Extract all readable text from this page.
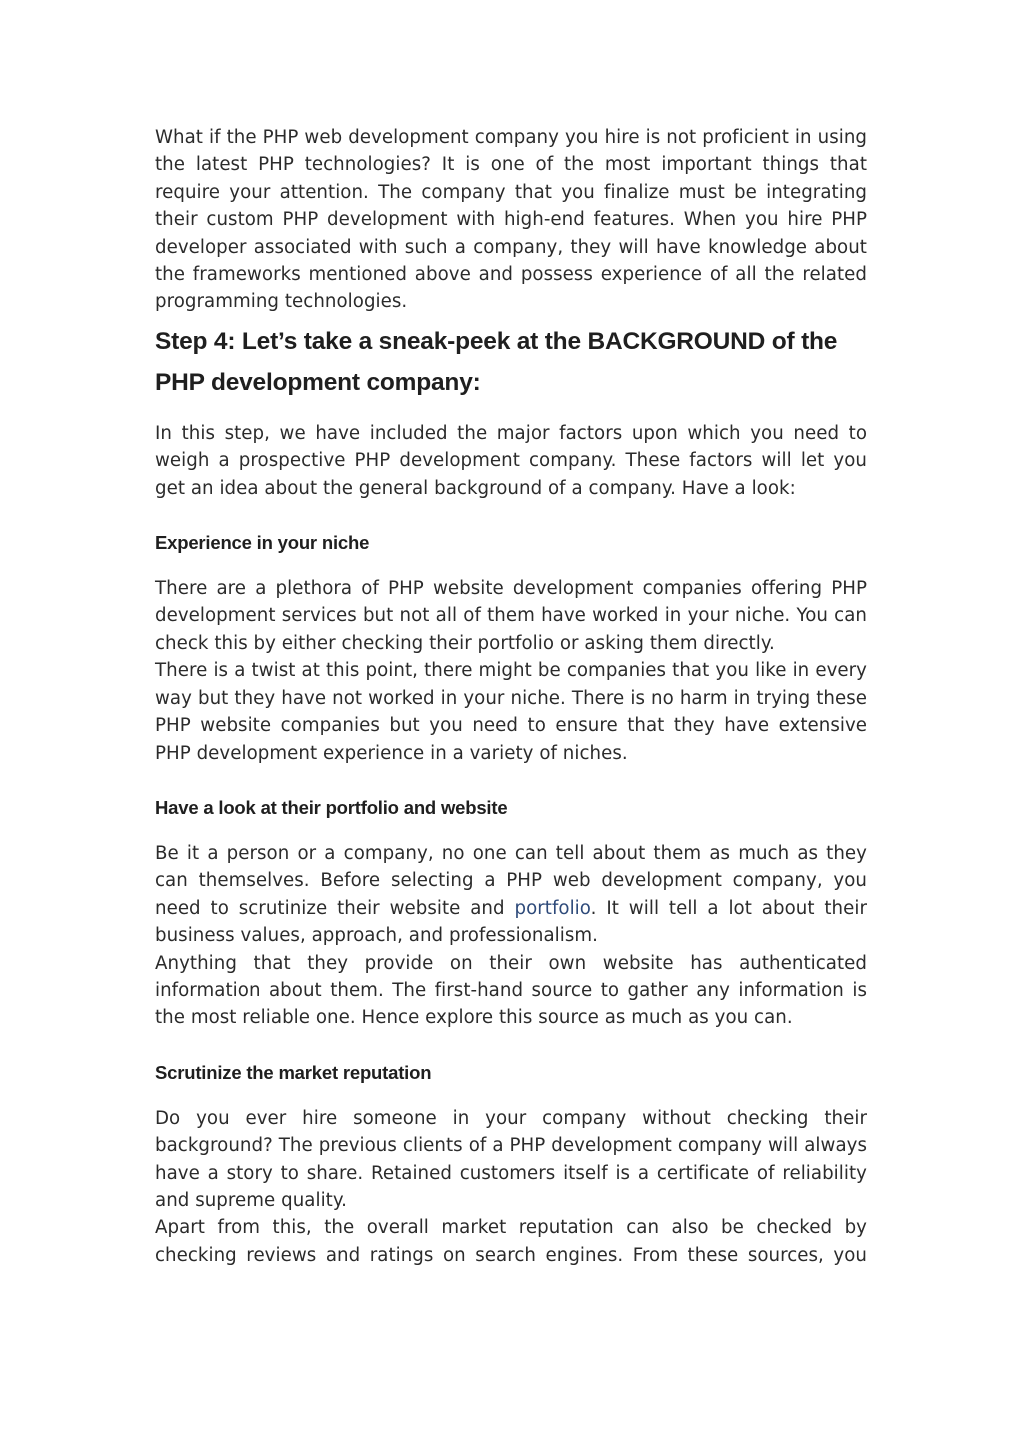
What if the PHP web development company you hire is not proficient in using the latest PHP technologies? It is one of the most important things that require your attention. The company that you finalize must be integrating their custom PHP development with high-end features. When you hire PHP developer associated with such a company, they will have knowledge about the frameworks mentioned above and possess experience of all the related programming technologies.

Step 4: Let’s take a sneak-peek at the BACKGROUND of the PHP development company:

In this step, we have included the major factors upon which you need to weigh a prospective PHP development company. These factors will let you get an idea about the general background of a company. Have a look:

Experience in your niche

There are a plethora of PHP website development companies offering PHP development services but not all of them have worked in your niche. You can check this by either checking their portfolio or asking them directly.

There is a twist at this point, there might be companies that you like in every way but they have not worked in your niche. There is no harm in trying these PHP website companies but you need to ensure that they have extensive PHP development experience in a variety of niches.

Have a look at their portfolio and website

Be it a person or a company, no one can tell about them as much as they can themselves. Before selecting a PHP web development company, you need to scrutinize their website and portfolio. It will tell a lot about their business values, approach, and professionalism.

Anything that they provide on their own website has authenticated information about them. The first-hand source to gather any information is the most reliable one. Hence explore this source as much as you can.

Scrutinize the market reputation

Do you ever hire someone in your company without checking their background? The previous clients of a PHP development company will always have a story to share. Retained customers itself is a certificate of reliability and supreme quality.

Apart from this, the overall market reputation can also be checked by checking reviews and ratings on search engines. From these sources, you
